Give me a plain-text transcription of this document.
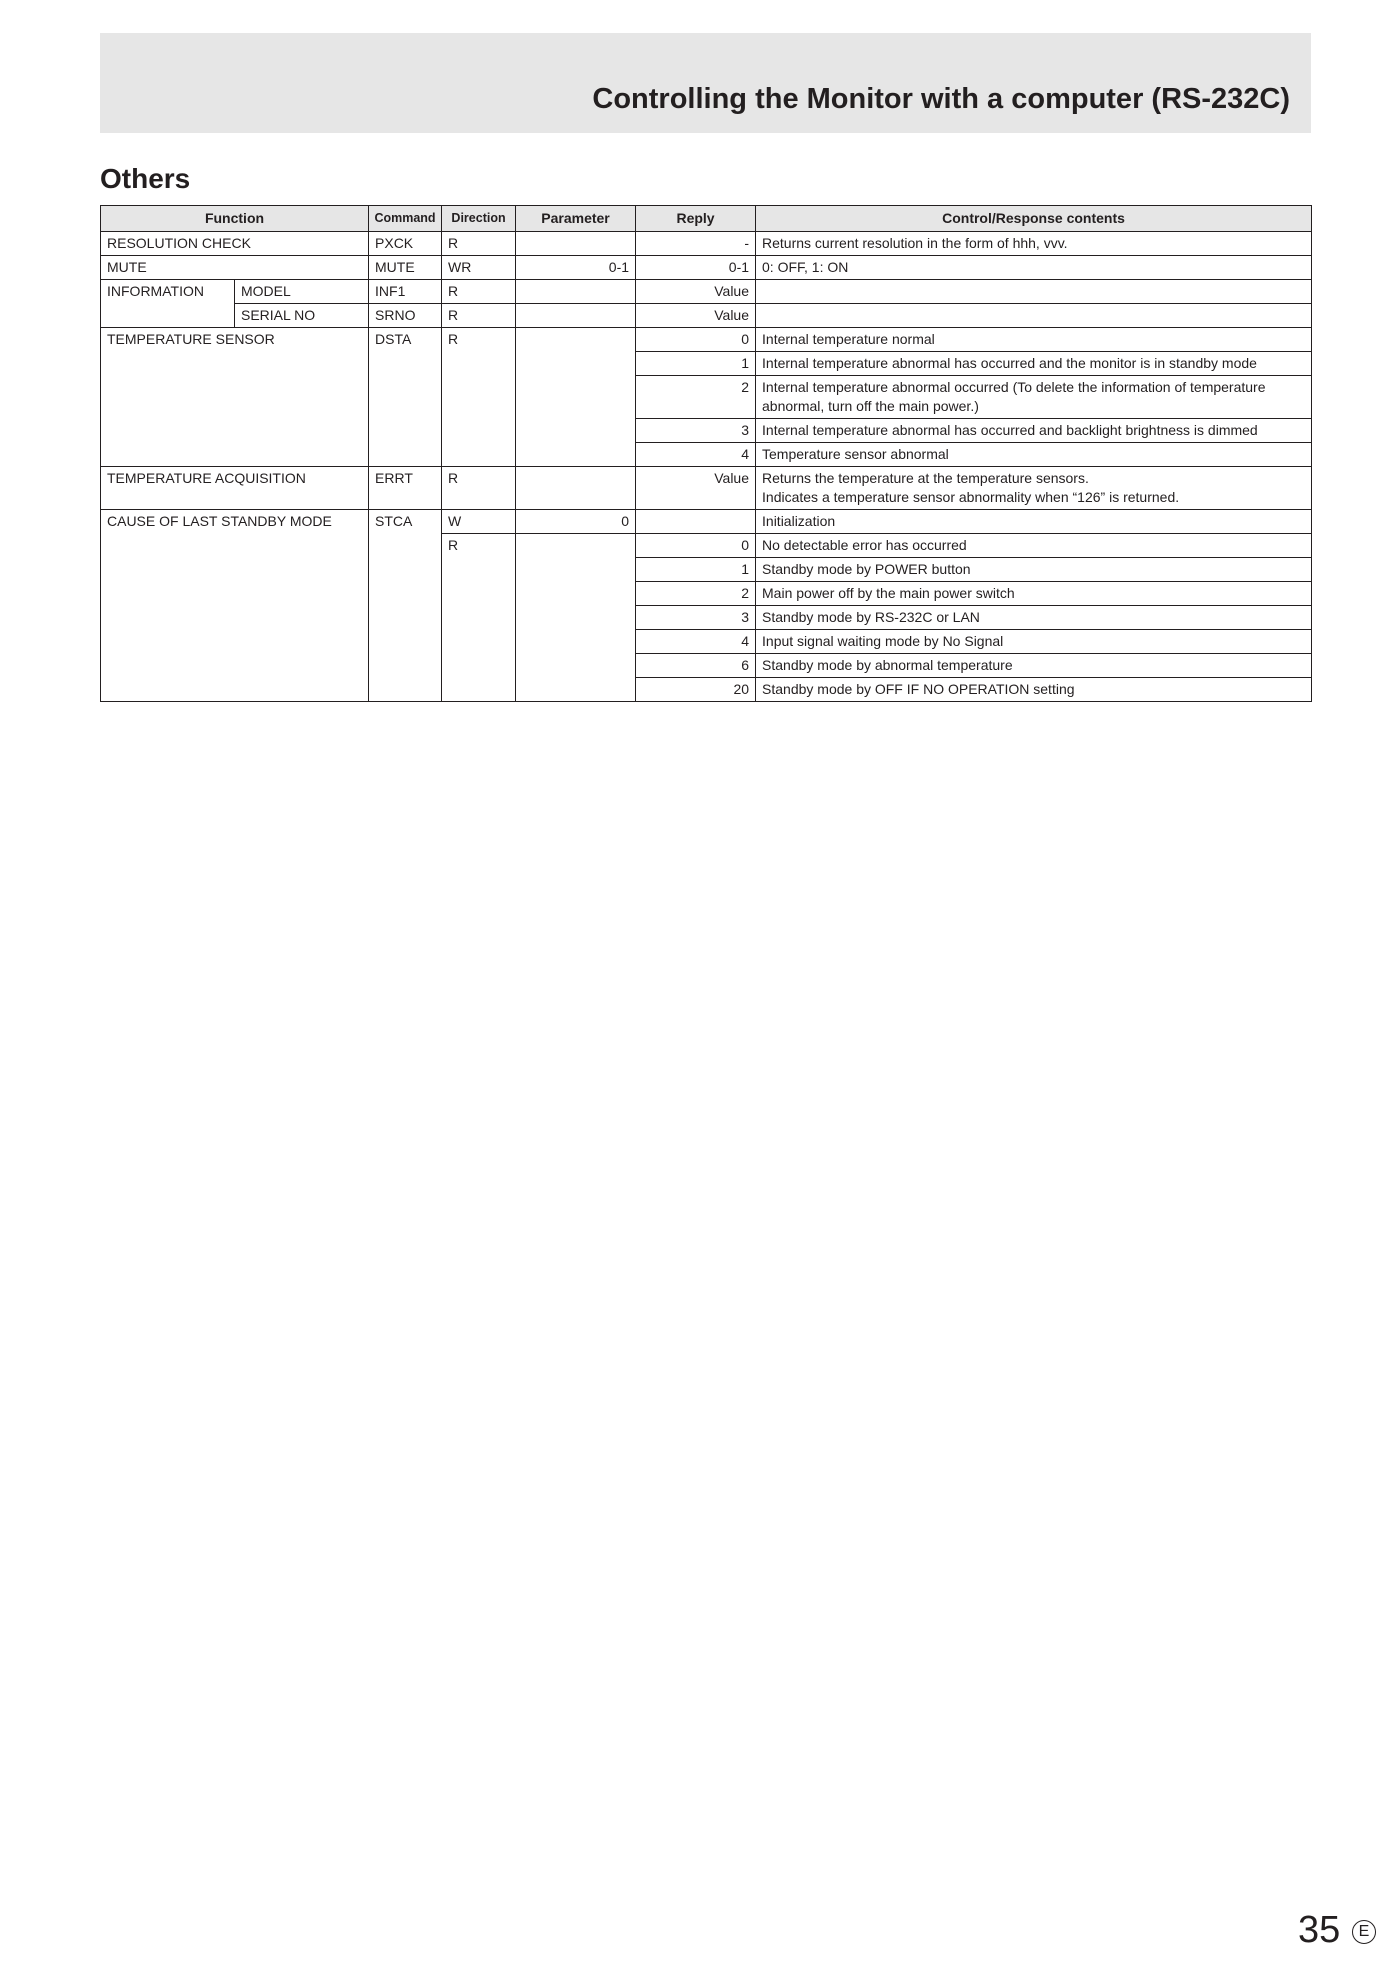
Controlling the Monitor with a computer (RS-232C)
Others
Function		Command	Direction	Parameter	Reply	Control/Response contents
RESOLUTION CHECK		PXCK	R		-	Returns current resolution in the form of hhh, vvv.
MUTE		MUTE	WR	0-1	0-1	0: OFF, 1: ON
INFORMATION	MODEL	INF1	R		Value	
	SERIAL NO	SRNO	R		Value	
TEMPERATURE SENSOR		DSTA	R		0	Internal temperature normal
					1	Internal temperature abnormal has occurred and the monitor is in standby mode
					2	Internal temperature abnormal occurred (To delete the information of temperature abnormal, turn off the main power.)
					3	Internal temperature abnormal has occurred and backlight brightness is dimmed
					4	Temperature sensor abnormal
TEMPERATURE ACQUISITION		ERRT	R		Value	Returns the temperature at the temperature sensors.
Indicates a temperature sensor abnormality when “126” is returned.

CAUSE OF LAST STANDBY MODE		STCA	W	0		Initialization
			R		0	No detectable error has occurred
					1	Standby mode by POWER button
					2	Main power off by the main power switch
					3	Standby mode by RS-232C or LAN
					4	Input signal waiting mode by No Signal
					6	Standby mode by abnormal temperature
					20	Standby mode by OFF IF NO OPERATION setting
35	E
